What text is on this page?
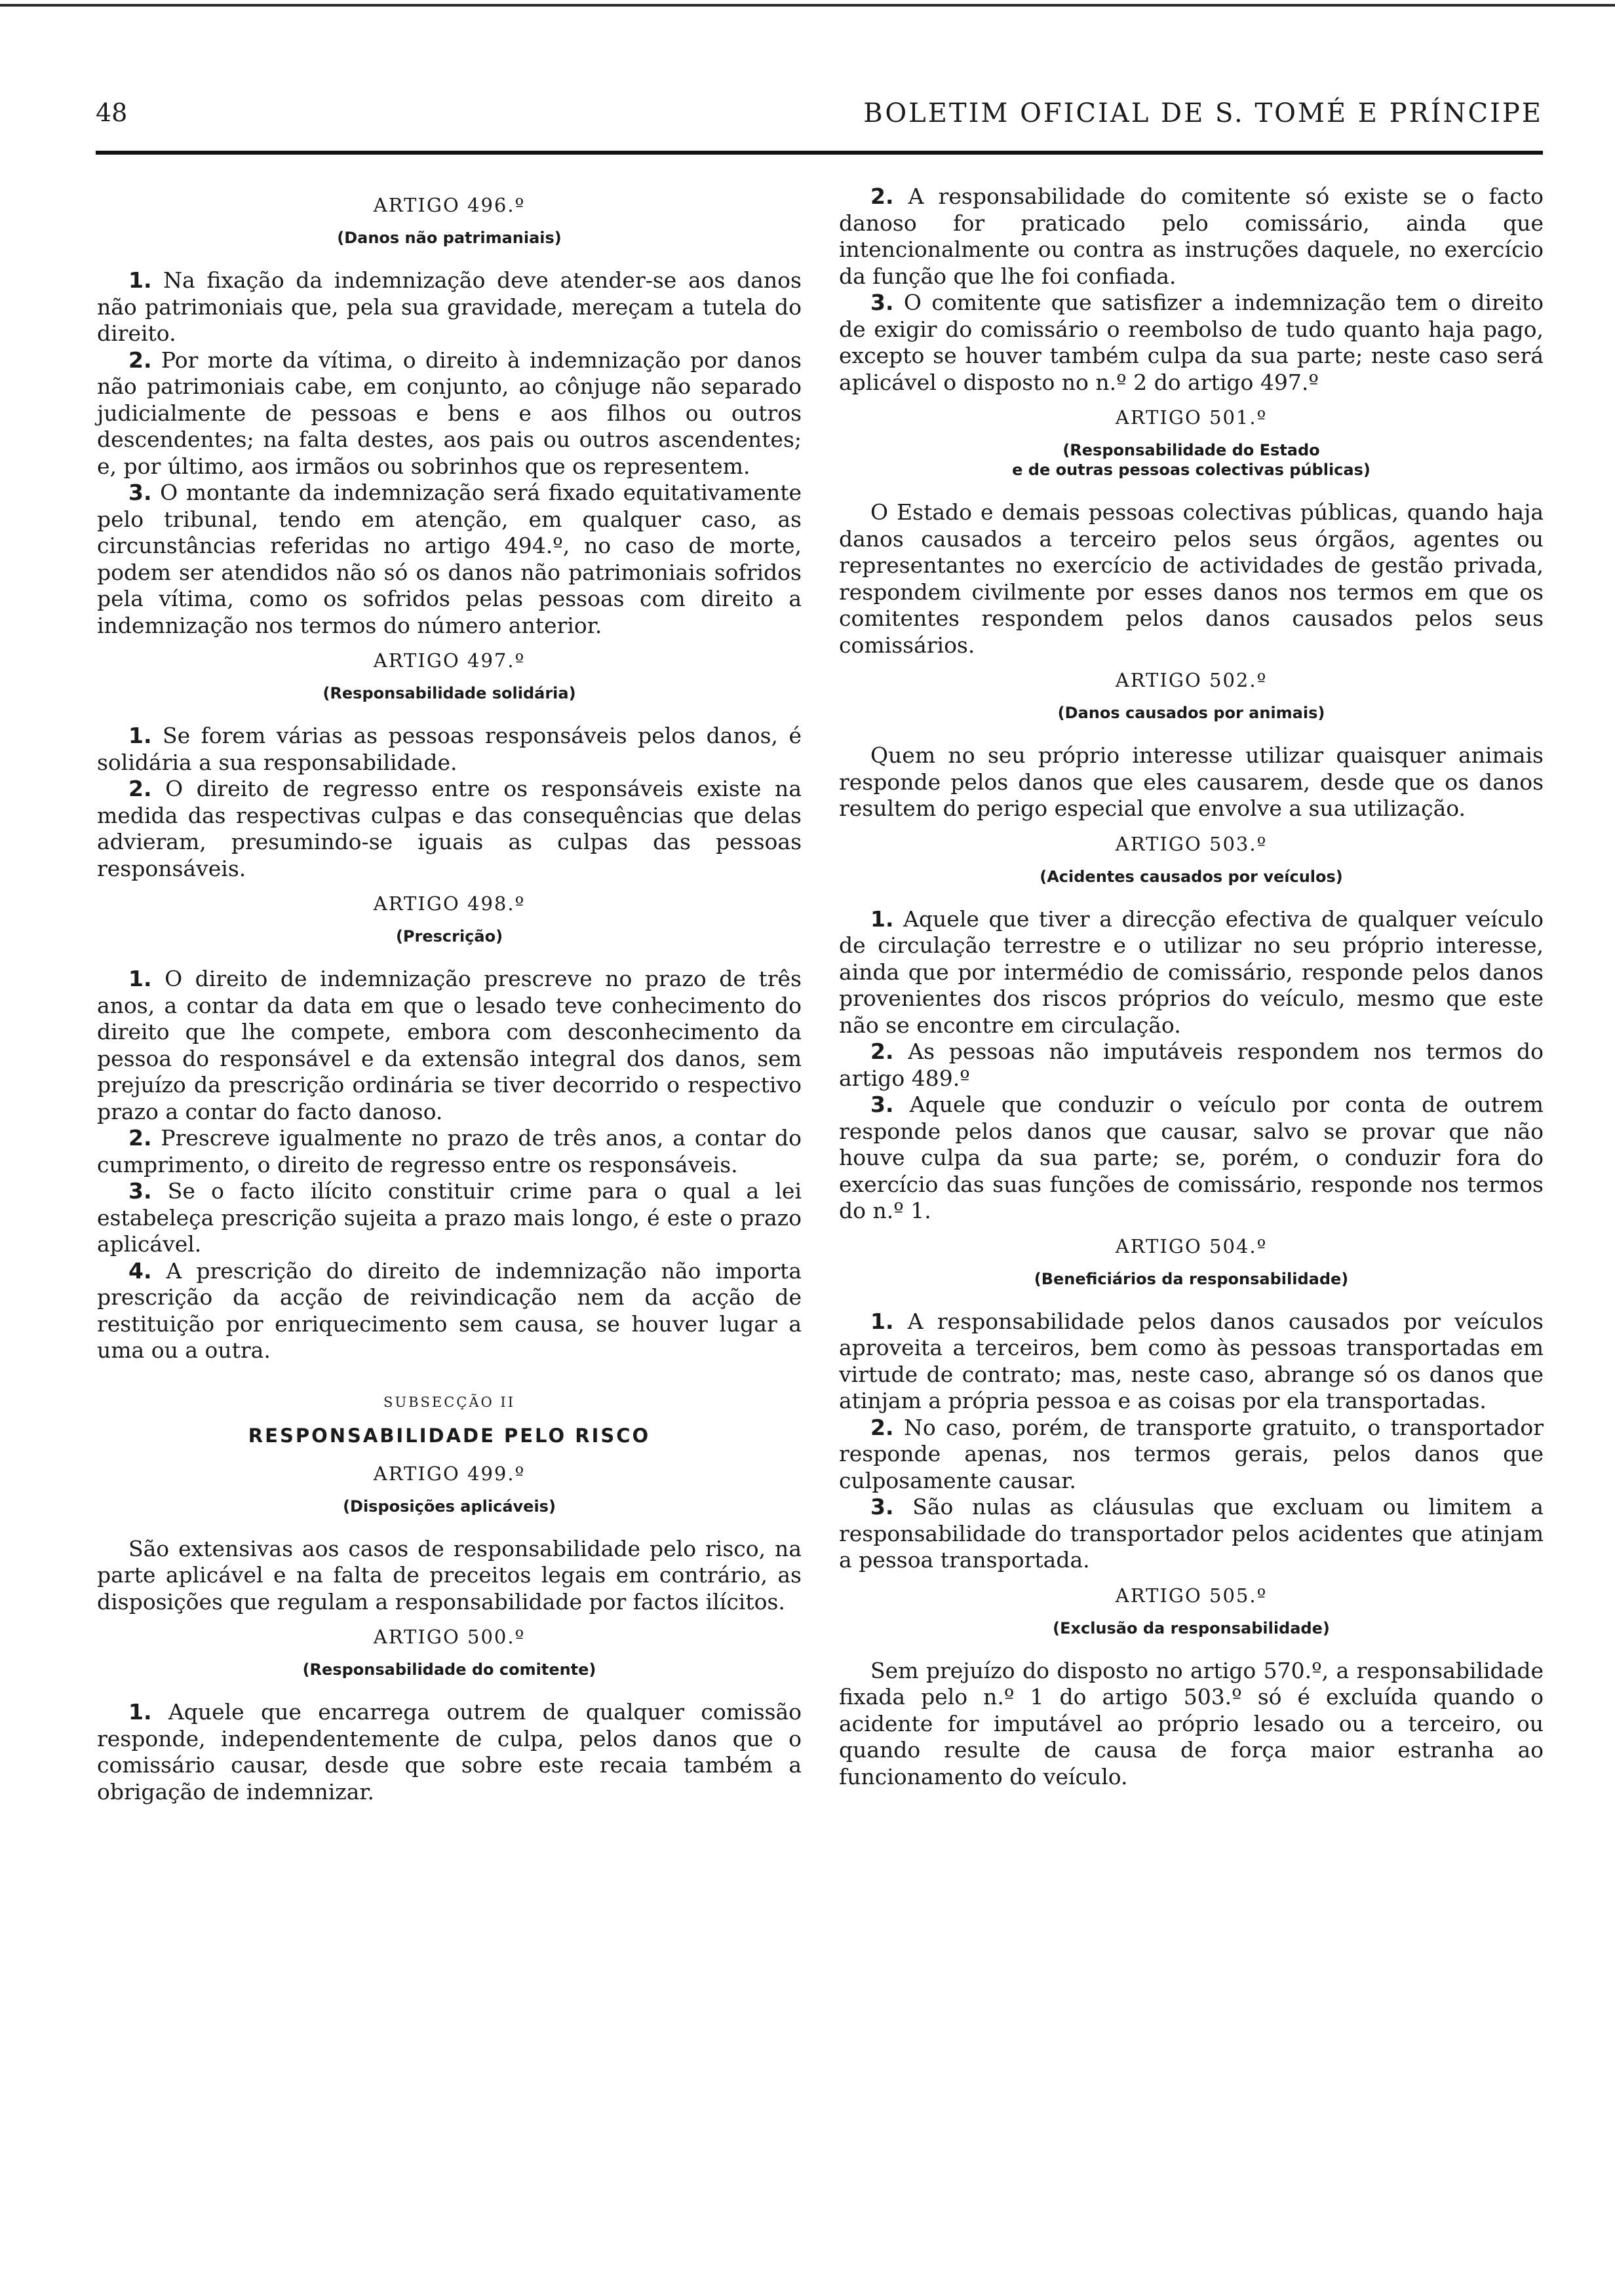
48	BOLETIM OFICIAL DE S. TOMÉ E PRÍNCIPE
ARTIGO 496.º
(Danos não patrimaniais)

1. Na fixação da indemnização deve atender-se aos danos não patrimoniais que, pela sua gravidade, mereçam a tutela do direito.

2. Por morte da vítima, o direito à indemnização por danos não patrimoniais cabe, em conjunto, ao cônjuge não separado judicialmente de pessoas e bens e aos filhos ou outros descendentes; na falta destes, aos pais ou outros ascendentes; e, por último, aos irmãos ou sobrinhos que os representem.

3. O montante da indemnização será fixado equitativamente pelo tribunal, tendo em atenção, em qualquer caso, as circunstâncias referidas no artigo 494.º, no caso de morte, podem ser atendidos não só os danos não patrimoniais sofridos pela vítima, como os sofridos pelas pessoas com direito a indemnização nos termos do número anterior.

ARTIGO 497.º
(Responsabilidade solidária)

1. Se forem várias as pessoas responsáveis pelos danos, é solidária a sua responsabilidade.

2. O direito de regresso entre os responsáveis existe na medida das respectivas culpas e das consequências que delas advieram, presumindo-se iguais as culpas das pessoas responsáveis.

ARTIGO 498.º
(Prescrição)

1. O direito de indemnização prescreve no prazo de três anos, a contar da data em que o lesado teve conhecimento do direito que lhe compete, embora com desconhecimento da pessoa do responsável e da extensão integral dos danos, sem prejuízo da prescrição ordinária se tiver decorrido o respectivo prazo a contar do facto danoso.

2. Prescreve igualmente no prazo de três anos, a contar do cumprimento, o direito de regresso entre os responsáveis.

3. Se o facto ilícito constituir crime para o qual a lei estabeleça prescrição sujeita a prazo mais longo, é este o prazo aplicável.

4. A prescrição do direito de indemnização não importa prescrição da acção de reivindicação nem da acção de restituição por enriquecimento sem causa, se houver lugar a uma ou a outra.

SUBSECÇÃO II
RESPONSABILIDADE PELO RISCO
ARTIGO 499.º
(Disposições aplicáveis)

São extensivas aos casos de responsabilidade pelo risco, na parte aplicável e na falta de preceitos legais em contrário, as disposições que regulam a responsabilidade por factos ilícitos.

ARTIGO 500.º
(Responsabilidade do comitente)

1. Aquele que encarrega outrem de qualquer comissão responde, independentemente de culpa, pelos danos que o comissário causar, desde que sobre este recaia também a obrigação de indemnizar.

2. A responsabilidade do comitente só existe se o facto danoso for praticado pelo comissário, ainda que intencionalmente ou contra as instruções daquele, no exercício da função que lhe foi confiada.

3. O comitente que satisfizer a indemnização tem o direito de exigir do comissário o reembolso de tudo quanto haja pago, excepto se houver também culpa da sua parte; neste caso será aplicável o disposto no n.º 2 do artigo 497.º

ARTIGO 501.º
(Responsabilidade do Estado
e de outras pessoas colectivas públicas)

O Estado e demais pessoas colectivas públicas, quando haja danos causados a terceiro pelos seus órgãos, agentes ou representantes no exercício de actividades de gestão privada, respondem civilmente por esses danos nos termos em que os comitentes respondem pelos danos causados pelos seus comissários.

ARTIGO 502.º
(Danos causados por animais)

Quem no seu próprio interesse utilizar quaisquer animais responde pelos danos que eles causarem, desde que os danos resultem do perigo especial que envolve a sua utilização.

ARTIGO 503.º
(Acidentes causados por veículos)

1. Aquele que tiver a direcção efectiva de qualquer veículo de circulação terrestre e o utilizar no seu próprio interesse, ainda que por intermédio de comissário, responde pelos danos provenientes dos riscos próprios do veículo, mesmo que este não se encontre em circulação.

2. As pessoas não imputáveis respondem nos termos do artigo 489.º

3. Aquele que conduzir o veículo por conta de outrem responde pelos danos que causar, salvo se provar que não houve culpa da sua parte; se, porém, o conduzir fora do exercício das suas funções de comissário, responde nos termos do n.º 1.

ARTIGO 504.º
(Beneficiários da responsabilidade)

1. A responsabilidade pelos danos causados por veículos aproveita a terceiros, bem como às pessoas transportadas em virtude de contrato; mas, neste caso, abrange só os danos que atinjam a própria pessoa e as coisas por ela transportadas.

2. No caso, porém, de transporte gratuito, o transportador responde apenas, nos termos gerais, pelos danos que culposamente causar.

3. São nulas as cláusulas que excluam ou limitem a responsabilidade do transportador pelos acidentes que atinjam a pessoa transportada.

ARTIGO 505.º
(Exclusão da responsabilidade)

Sem prejuízo do disposto no artigo 570.º, a responsabilidade fixada pelo n.º 1 do artigo 503.º só é excluída quando o acidente for imputável ao próprio lesado ou a terceiro, ou quando resulte de causa de força maior estranha ao funcionamento do veículo.
